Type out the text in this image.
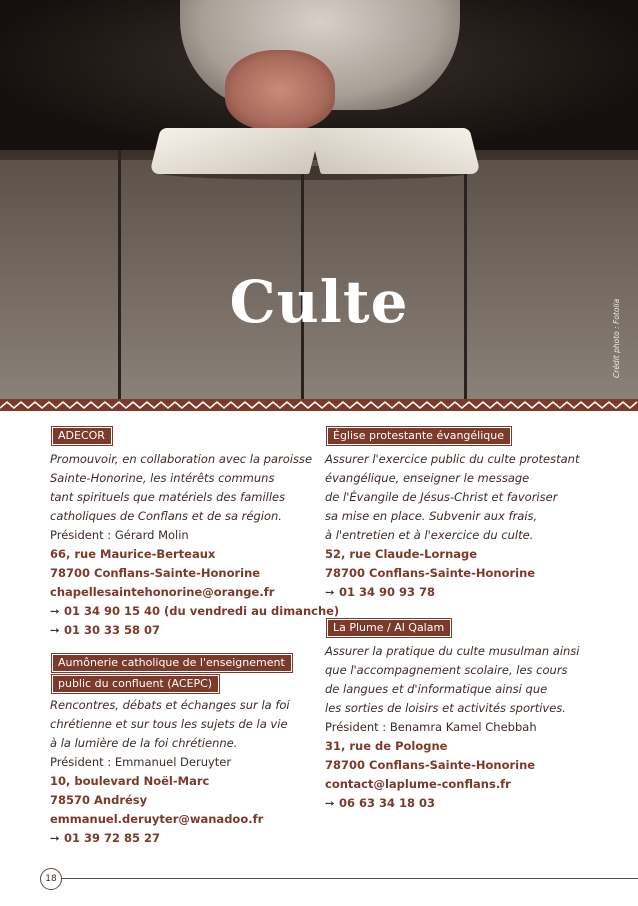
Culte	Crédit photo : Fotolia
ADECOR
Promouvoir, en collaboration avec la paroisse
Sainte-Honorine, les intérêts communs
tant spirituels que matériels des familles
catholiques de Conflans et de sa région.
Président : Gérard Molin
66, rue Maurice-Berteaux
78700 Conflans-Sainte-Honorine
chapellesaintehonorine@orange.fr
➙ 01 34 90 15 40 (du vendredi au dimanche)
➙ 01 30 33 58 07
Aumônerie catholique de l'enseignement
public du confluent (ACEPC)
Rencontres, débats et échanges sur la foi
chrétienne et sur tous les sujets de la vie
à la lumière de la foi chrétienne.
Président : Emmanuel Deruyter
10, boulevard Noël-Marc
78570 Andrésy
emmanuel.deruyter@wanadoo.fr
➙ 01 39 72 85 27
Église protestante évangélique
Assurer l'exercice public du culte protestant
évangélique, enseigner le message
de l'Évangile de Jésus-Christ et favoriser
sa mise en place. Subvenir aux frais,
à l'entretien et à l'exercice du culte.
52, rue Claude-Lornage
78700 Conflans-Sainte-Honorine
➙ 01 34 90 93 78
La Plume / Al Qalam
Assurer la pratique du culte musulman ainsi
que l'accompagnement scolaire, les cours
de langues et d'informatique ainsi que
les sorties de loisirs et activités sportives.
Président : Benamra Kamel Chebbah
31, rue de Pologne
78700 Conflans-Sainte-Honorine
contact@laplume-conflans.fr
➙ 06 63 34 18 03
18
